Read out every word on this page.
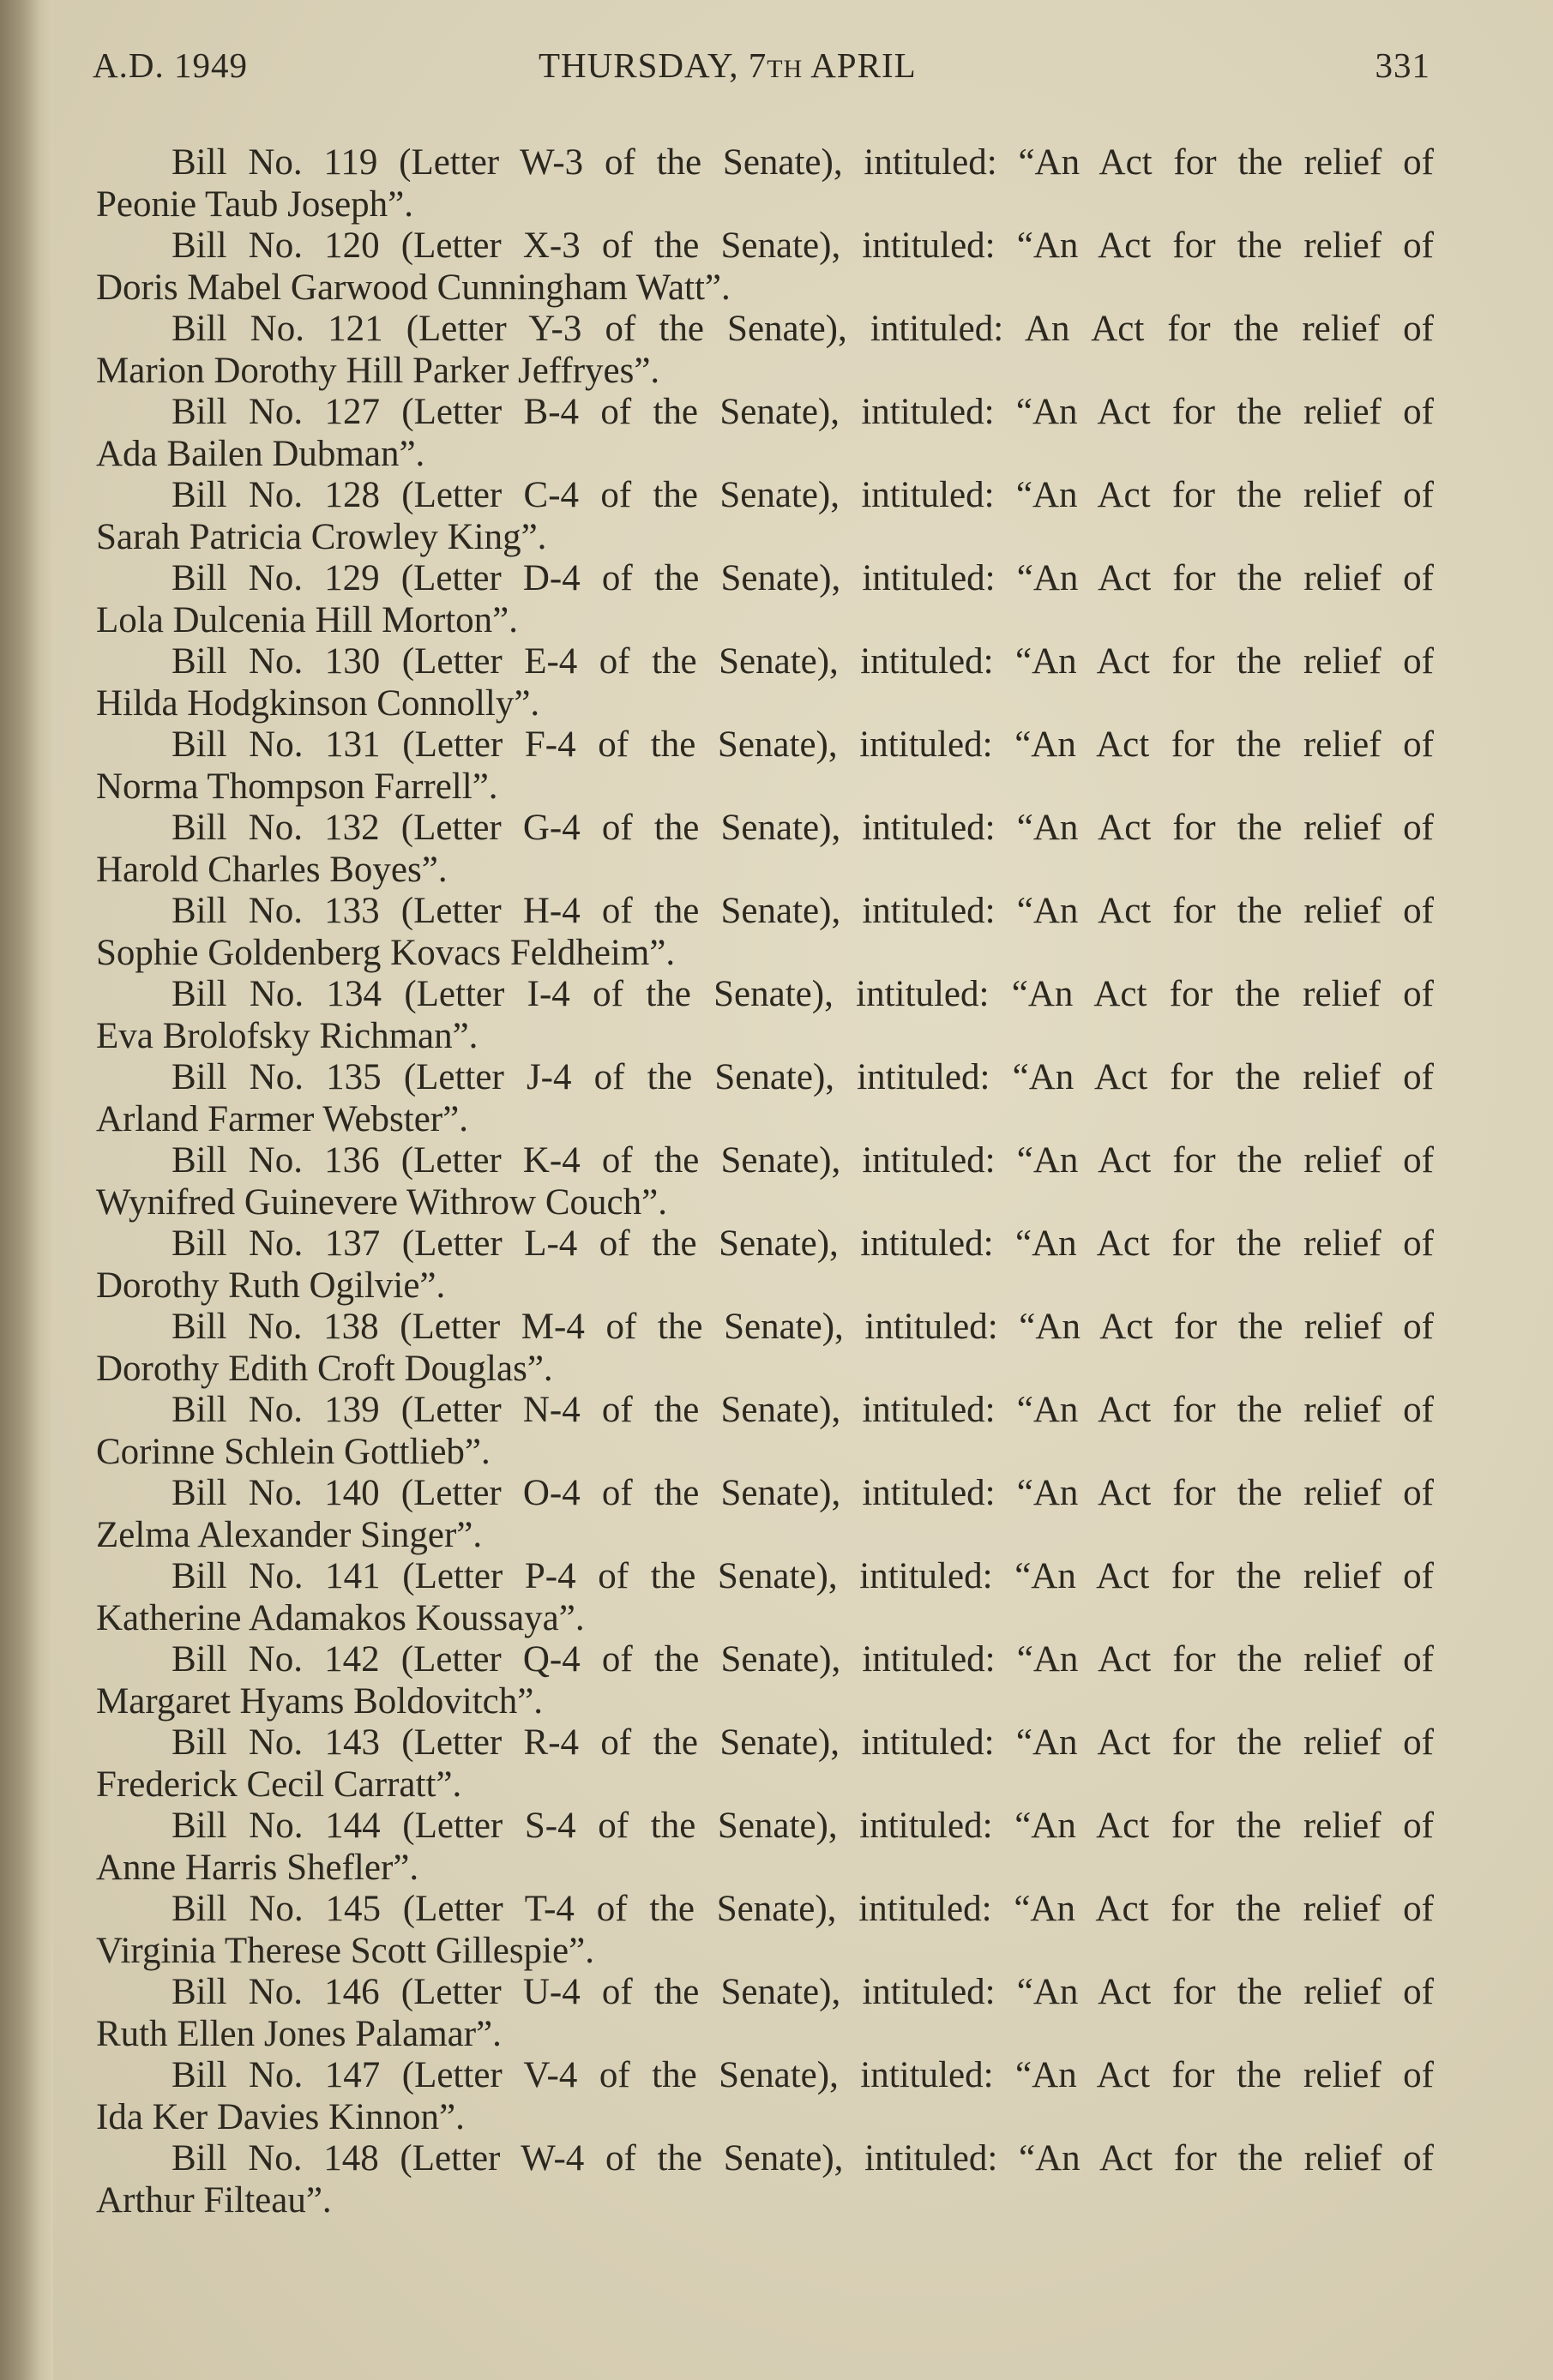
A.D. 1949	THURSDAY, 7TH APRIL	331

Bill No. 119 (Letter W-3 of the Senate), intituled: “An Act for the relief of
Peonie Taub Joseph”.

Bill No. 120 (Letter X-3 of the Senate), intituled: “An Act for the relief of
Doris Mabel Garwood Cunningham Watt”.

Bill No. 121 (Letter Y-3 of the Senate), intituled: An Act for the relief of
Marion Dorothy Hill Parker Jeffryes”.

Bill No. 127 (Letter B-4 of the Senate), intituled: “An Act for the relief of
Ada Bailen Dubman”.

Bill No. 128 (Letter C-4 of the Senate), intituled: “An Act for the relief of
Sarah Patricia Crowley King”.

Bill No. 129 (Letter D-4 of the Senate), intituled: “An Act for the relief of
Lola Dulcenia Hill Morton”.

Bill No. 130 (Letter E-4 of the Senate), intituled: “An Act for the relief of
Hilda Hodgkinson Connolly”.

Bill No. 131 (Letter F-4 of the Senate), intituled: “An Act for the relief of
Norma Thompson Farrell”.

Bill No. 132 (Letter G-4 of the Senate), intituled: “An Act for the relief of
Harold Charles Boyes”.

Bill No. 133 (Letter H-4 of the Senate), intituled: “An Act for the relief of
Sophie Goldenberg Kovacs Feldheim”.

Bill No. 134 (Letter I-4 of the Senate), intituled: “An Act for the relief of
Eva Brolofsky Richman”.

Bill No. 135 (Letter J-4 of the Senate), intituled: “An Act for the relief of
Arland Farmer Webster”.

Bill No. 136 (Letter K-4 of the Senate), intituled: “An Act for the relief of
Wynifred Guinevere Withrow Couch”.

Bill No. 137 (Letter L-4 of the Senate), intituled: “An Act for the relief of
Dorothy Ruth Ogilvie”.

Bill No. 138 (Letter M-4 of the Senate), intituled: “An Act for the relief of
Dorothy Edith Croft Douglas”.

Bill No. 139 (Letter N-4 of the Senate), intituled: “An Act for the relief of
Corinne Schlein Gottlieb”.

Bill No. 140 (Letter O-4 of the Senate), intituled: “An Act for the relief of
Zelma Alexander Singer”.

Bill No. 141 (Letter P-4 of the Senate), intituled: “An Act for the relief of
Katherine Adamakos Koussaya”.

Bill No. 142 (Letter Q-4 of the Senate), intituled: “An Act for the relief of
Margaret Hyams Boldovitch”.

Bill No. 143 (Letter R-4 of the Senate), intituled: “An Act for the relief of
Frederick Cecil Carratt”.

Bill No. 144 (Letter S-4 of the Senate), intituled: “An Act for the relief of
Anne Harris Shefler”.

Bill No. 145 (Letter T-4 of the Senate), intituled: “An Act for the relief of
Virginia Therese Scott Gillespie”.

Bill No. 146 (Letter U-4 of the Senate), intituled: “An Act for the relief of
Ruth Ellen Jones Palamar”.

Bill No. 147 (Letter V-4 of the Senate), intituled: “An Act for the relief of
Ida Ker Davies Kinnon”.

Bill No. 148 (Letter W-4 of the Senate), intituled: “An Act for the relief of
Arthur Filteau”.
